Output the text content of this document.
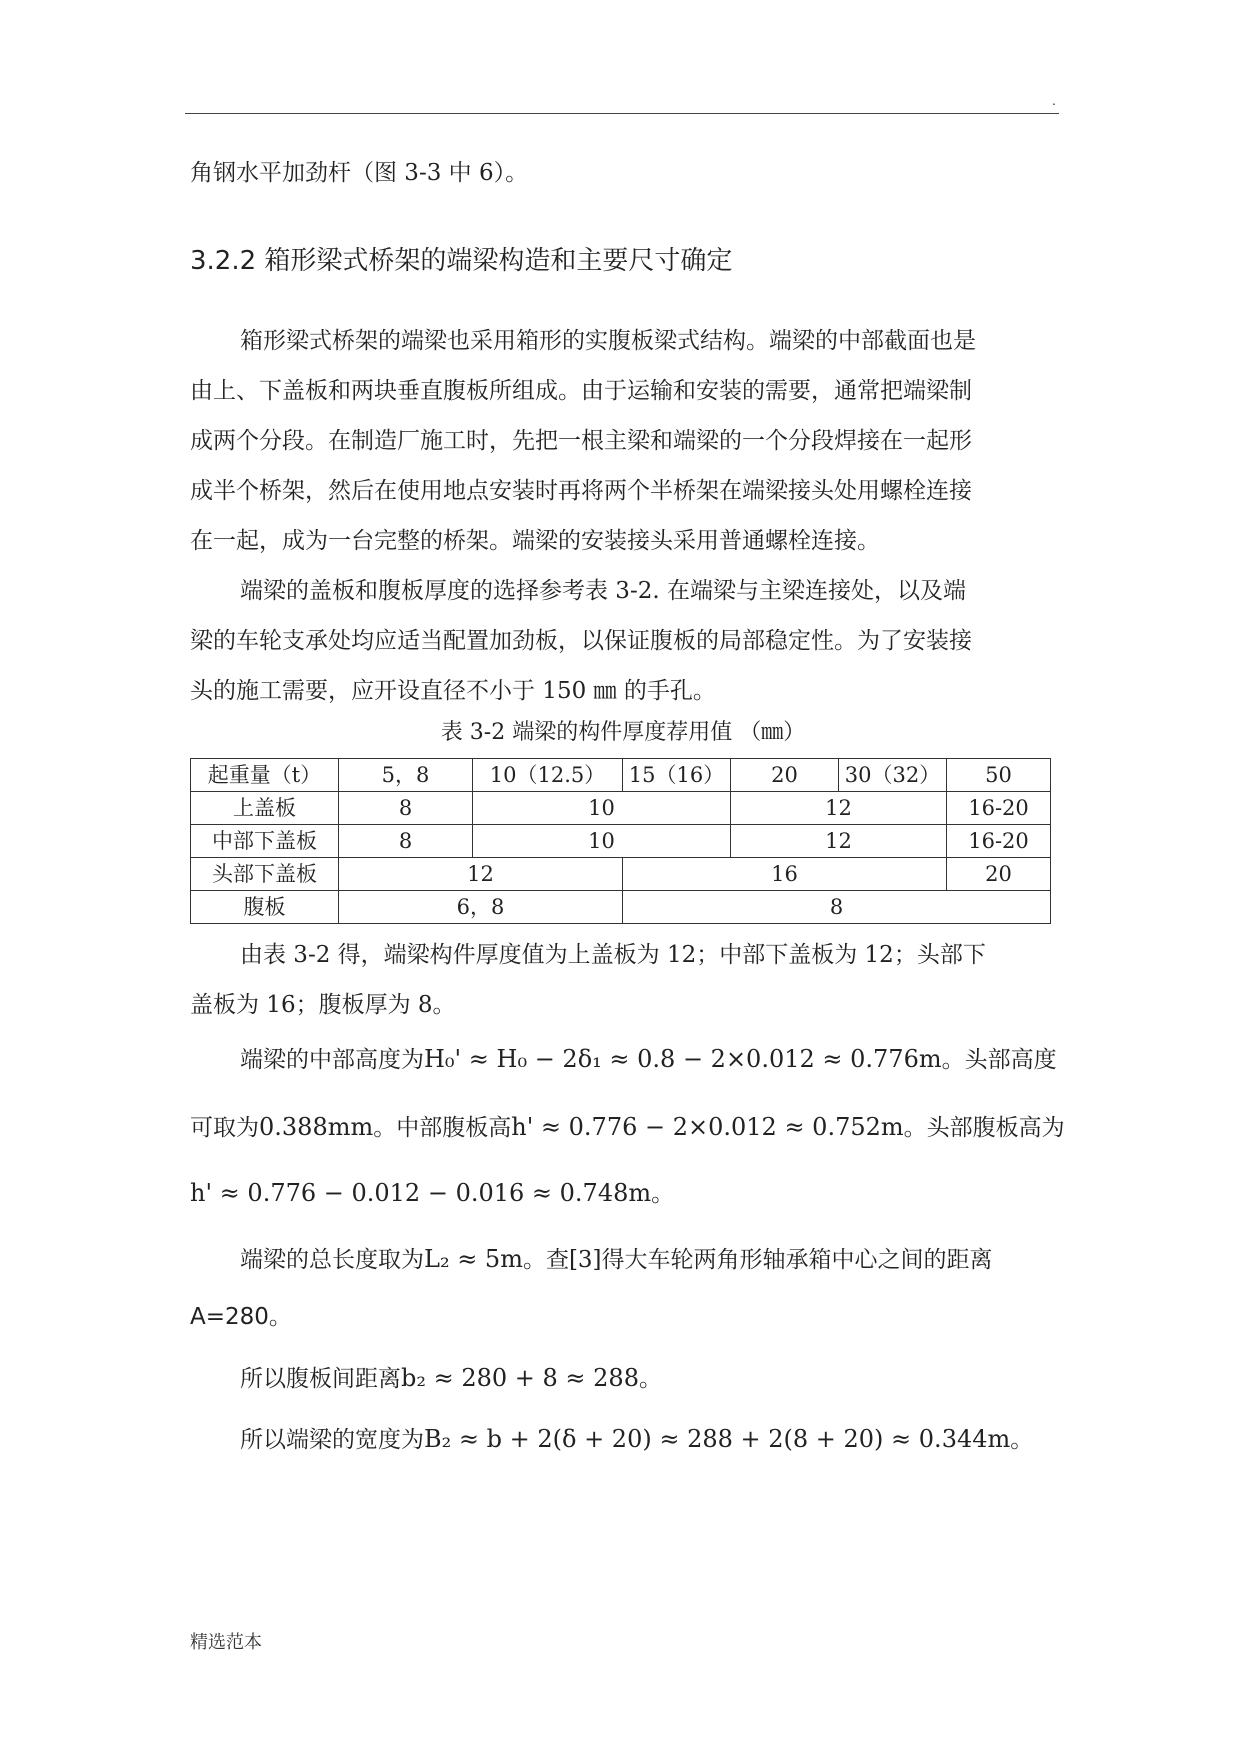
.
角钢水平加劲杆（图 3-3 中 6）。
3.2.2 箱形梁式桥架的端梁构造和主要尺寸确定
箱形梁式桥架的端梁也采用箱形的实腹板梁式结构。端梁的中部截面也是
由上、下盖板和两块垂直腹板所组成。由于运输和安装的需要，通常把端梁制
成两个分段。在制造厂施工时，先把一根主梁和端梁的一个分段焊接在一起形
成半个桥架，然后在使用地点安装时再将两个半桥架在端梁接头处用螺栓连接
在一起，成为一台完整的桥架。端梁的安装接头采用普通螺栓连接。
端梁的盖板和腹板厚度的选择参考表 3-2. 在端梁与主梁连接处，以及端
梁的车轮支承处均应适当配置加劲板，以保证腹板的局部稳定性。为了安装接
头的施工需要，应开设直径不小于 150 ㎜ 的手孔。
表 3-2 端梁的构件厚度荐用值 （㎜）
起重量（t）	5，8	10（12.5）	15（16）	20	30（32）	50
上盖板	8	10		12		16-20
中部下盖板	8	10		12		16-20
头部下盖板	12		16			20
腹板	6，8		8			
由表 3-2 得，端梁构件厚度值为上盖板为 12；中部下盖板为 12；头部下
盖板为 16；腹板厚为 8。
端梁的中部高度为H₀' ≈ H₀ − 2δ₁ ≈ 0.8 − 2×0.012 ≈ 0.776m。头部高度
可取为0.388mm。中部腹板高h' ≈ 0.776 − 2×0.012 ≈ 0.752m。头部腹板高为
h' ≈ 0.776 − 0.012 − 0.016 ≈ 0.748m。
端梁的总长度取为L₂ ≈ 5m。查[3]得大车轮两角形轴承箱中心之间的距离
A=280。
所以腹板间距离b₂ ≈ 280 + 8 ≈ 288。
所以端梁的宽度为B₂ ≈ b + 2(δ + 20) ≈ 288 + 2(8 + 20) ≈ 0.344m。
精选范本
